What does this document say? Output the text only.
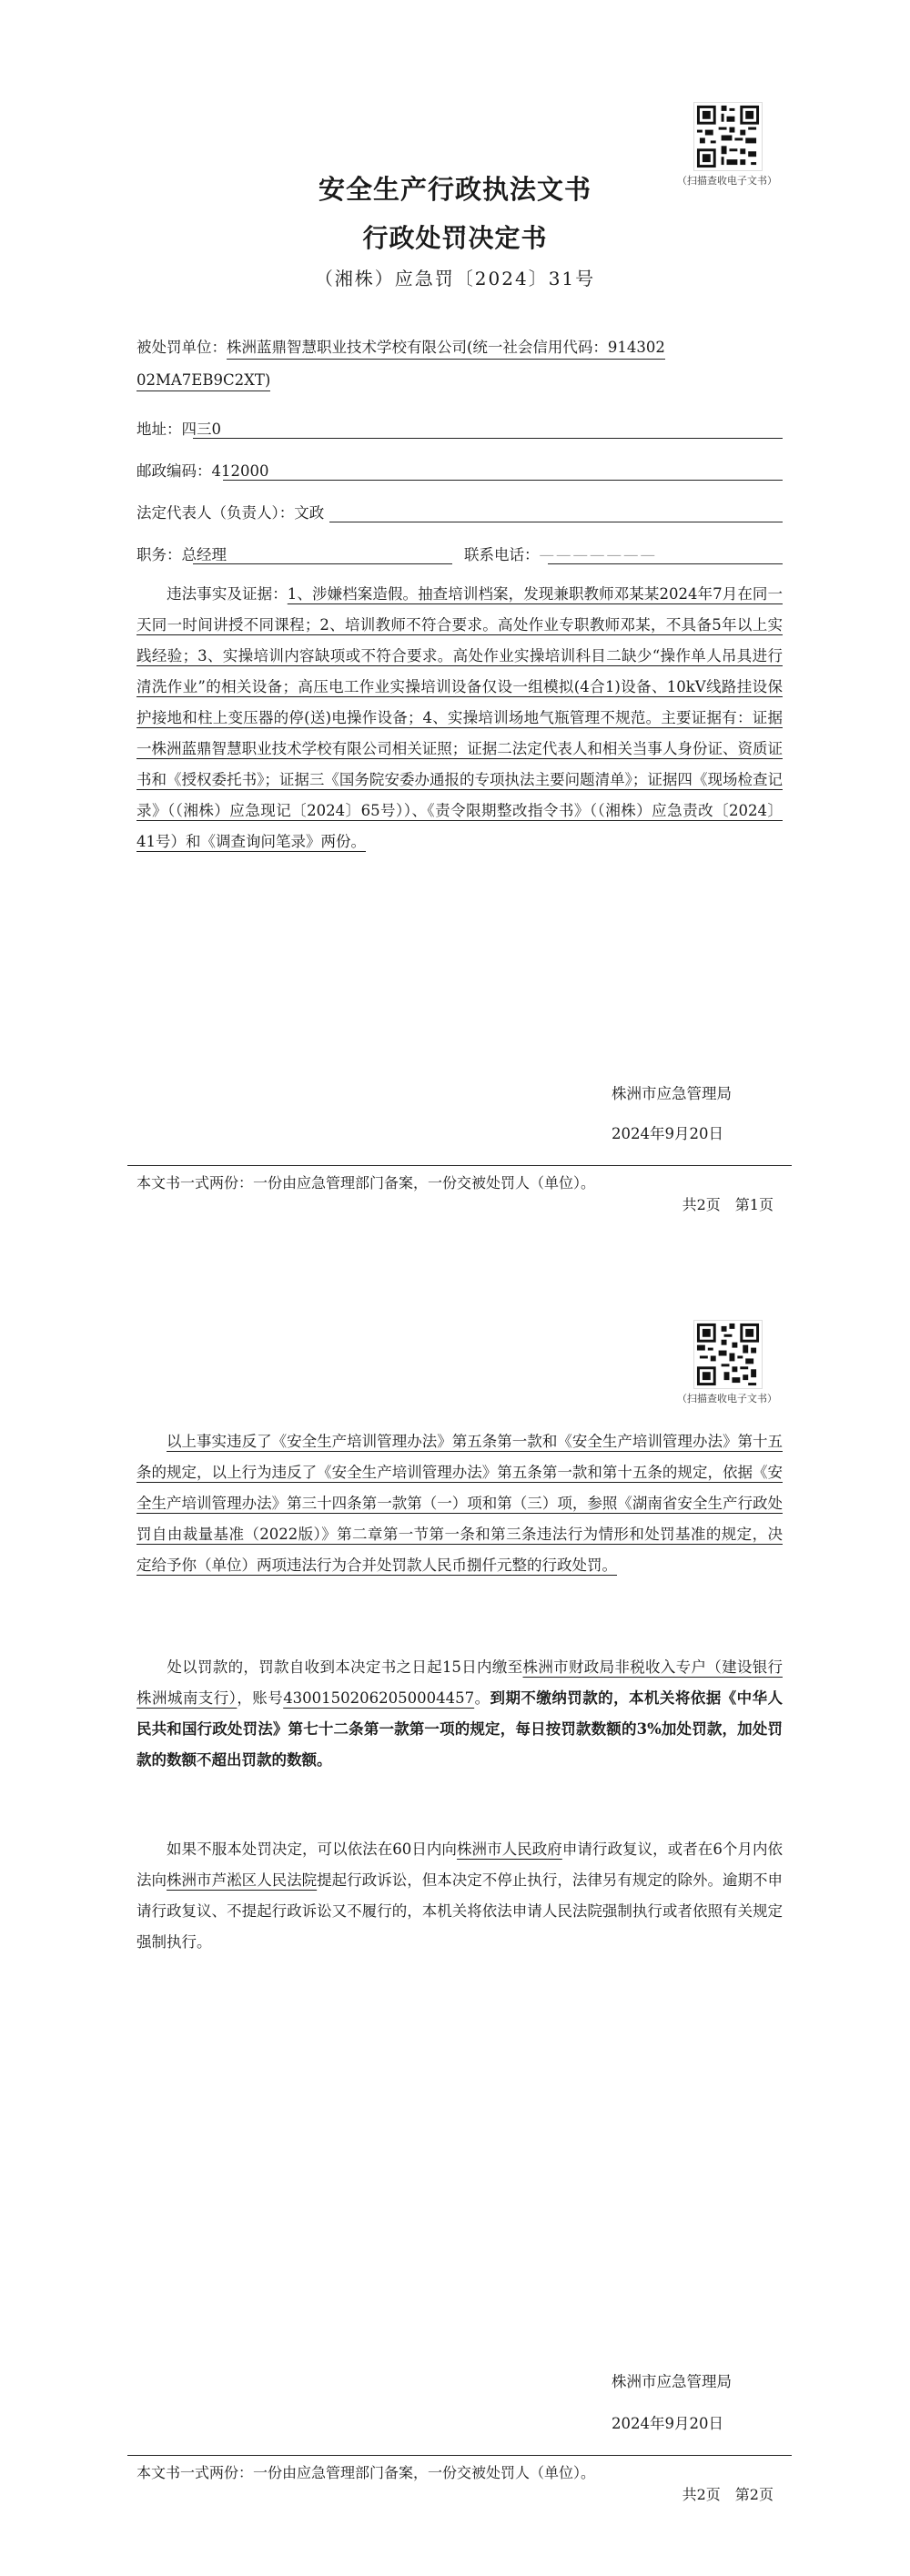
（扫描查收电子文书）
安全生产行政执法文书
行政处罚决定书
（湘株）应急罚〔2024〕31号
被处罚单位：株洲蓝鼎智慧职业技术学校有限公司(统一社会信用代码：914302
02MA7EB9C2XT)
地址：四三0
邮政编码：412000
法定代表人（负责人）：文政
职务：总经理	联系电话：———————
违法事实及证据：1、涉嫌档案造假。抽查培训档案，发现兼职教师邓某某2024年7月在同一天同一时间讲授不同课程；2、培训教师不符合要求。高处作业专职教师邓某，不具备5年以上实践经验；3、实操培训内容缺项或不符合要求。高处作业实操培训科目二缺少“操作单人吊具进行清洗作业”的相关设备；高压电工作业实操培训设备仅设一组模拟(4合1)设备、10kV线路挂设保护接地和柱上变压器的停(送)电操作设备；4、实操培训场地气瓶管理不规范。主要证据有：证据一株洲蓝鼎智慧职业技术学校有限公司相关证照；证据二法定代表人和相关当事人身份证、资质证书和《授权委托书》；证据三《国务院安委办通报的专项执法主要问题清单》；证据四《现场检查记录》（（湘株）应急现记〔2024〕65号））、《责令限期整改指令书》（（湘株）应急责改〔2024〕41号）和《调查询问笔录》两份。
株洲市应急管理局
2024年9月20日
本文书一式两份：一份由应急管理部门备案，一份交被处罚人（单位）。
共2页　第1页
（扫描查收电子文书）
以上事实违反了《安全生产培训管理办法》第五条第一款和《安全生产培训管理办法》第十五条的规定，以上行为违反了《安全生产培训管理办法》第五条第一款和第十五条的规定，依据《安全生产培训管理办法》第三十四条第一款第（一）项和第（三）项，参照《湖南省安全生产行政处罚自由裁量基准（2022版）》第二章第一节第一条和第三条违法行为情形和处罚基准的规定，决定给予你（单位）两项违法行为合并处罚款人民币捌仟元整的行政处罚。
处以罚款的，罚款自收到本决定书之日起15日内缴至株洲市财政局非税收入专户（建设银行株洲城南支行），账号43001502062050004457。到期不缴纳罚款的，本机关将依据《中华人民共和国行政处罚法》第七十二条第一款第一项的规定，每日按罚款数额的3%加处罚款，加处罚款的数额不超出罚款的数额。
如果不服本处罚决定，可以依法在60日内向株洲市人民政府申请行政复议，或者在6个月内依法向株洲市芦淞区人民法院提起行政诉讼，但本决定不停止执行，法律另有规定的除外。逾期不申请行政复议、不提起行政诉讼又不履行的，本机关将依法申请人民法院强制执行或者依照有关规定强制执行。
株洲市应急管理局
2024年9月20日
本文书一式两份：一份由应急管理部门备案，一份交被处罚人（单位）。
共2页　第2页
